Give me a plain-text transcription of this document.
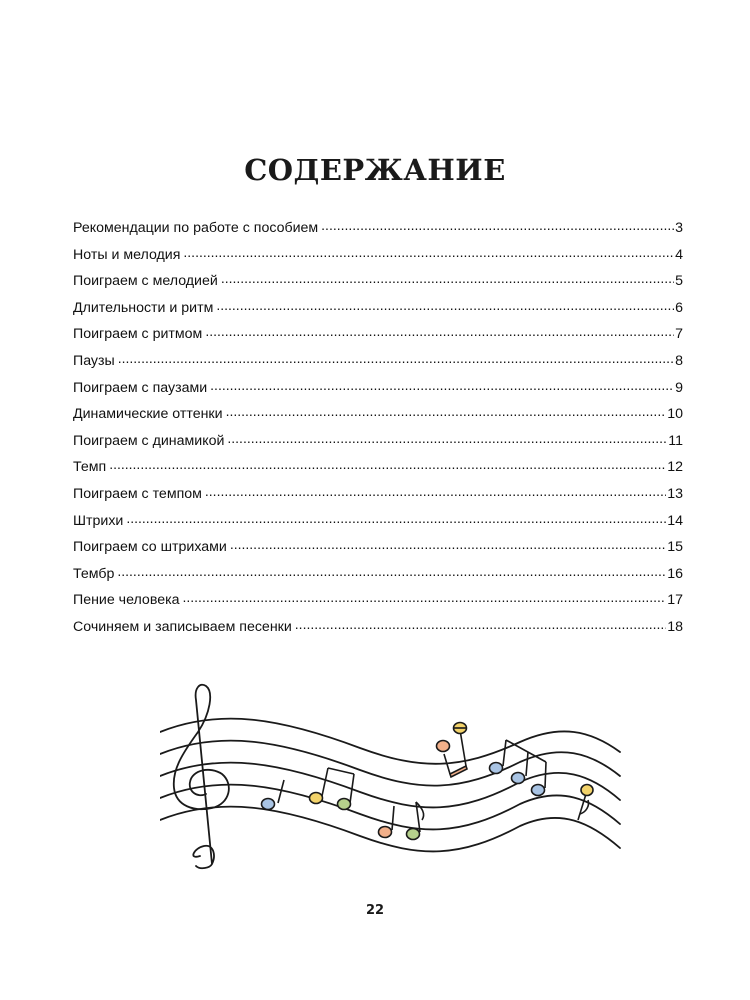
СОДЕРЖАНИЕ
Рекомендации по работе с пособием .....	3
Ноты и мелодия .....	4
Поиграем с мелодией .....	5
Длительности и ритм .....	6
Поиграем с ритмом .....	7
Паузы .....	8
Поиграем с паузами .....	9
Динамические оттенки .....	10
Поиграем с динамикой .....	11
Темп .....	12
Поиграем с темпом .....	13
Штрихи .....	14
Поиграем со штрихами .....	15
Тембр .....	16
Пение человека .....	17
Сочиняем и записываем песенки .....	18
22
